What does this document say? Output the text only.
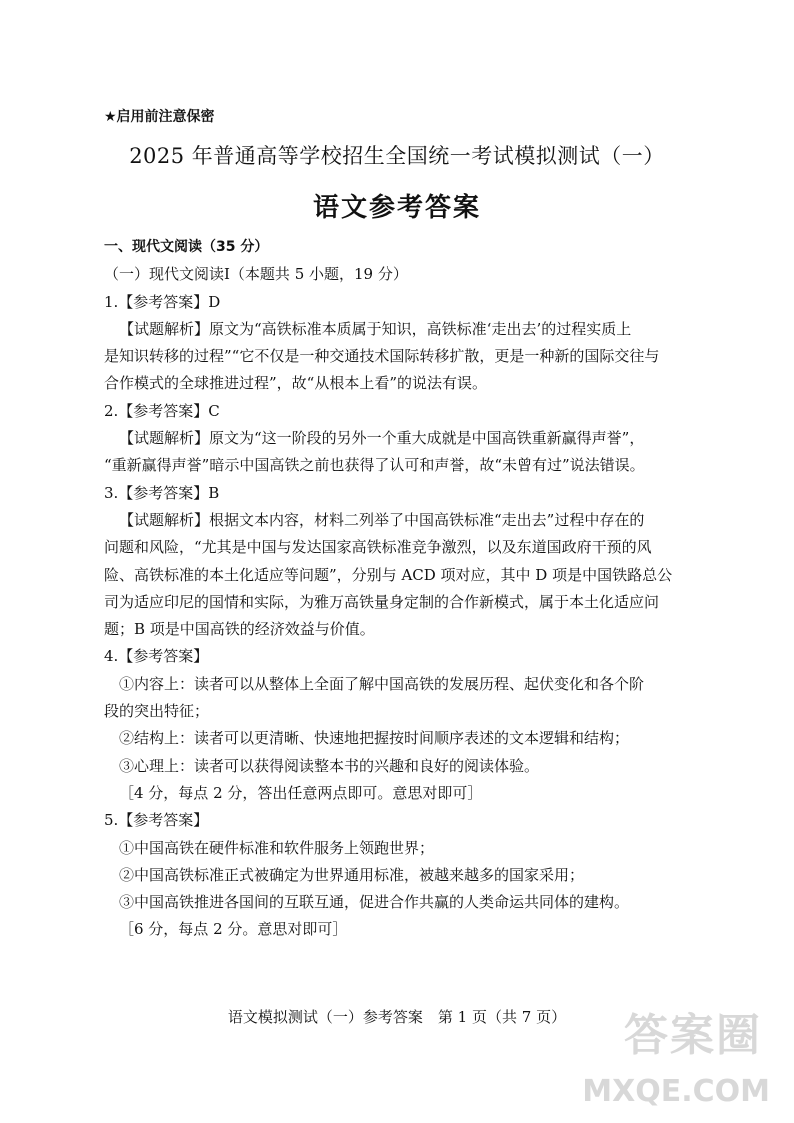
★启用前注意保密
2025 年普通高等学校招生全国统一考试模拟测试（一）
语文参考答案
一、现代文阅读（35 分）
（一）现代文阅读Ⅰ（本题共 5 小题，19 分）
1.【参考答案】D
【试题解析】原文为“高铁标准本质属于知识，高铁标准‘走出去’的过程实质上
是知识转移的过程”“它不仅是一种交通技术国际转移扩散，更是一种新的国际交往与
合作模式的全球推进过程”，故“从根本上看”的说法有误。
2.【参考答案】C
【试题解析】原文为“这一阶段的另外一个重大成就是中国高铁重新赢得声誉”，
“重新赢得声誉”暗示中国高铁之前也获得了认可和声誉，故“未曾有过”说法错误。
3.【参考答案】B
【试题解析】根据文本内容，材料二列举了中国高铁标准“走出去”过程中存在的
问题和风险，“尤其是中国与发达国家高铁标准竞争激烈，以及东道国政府干预的风
险、高铁标准的本土化适应等问题”，分别与 ACD 项对应，其中 D 项是中国铁路总公
司为适应印尼的国情和实际，为雅万高铁量身定制的合作新模式，属于本土化适应问
题；B 项是中国高铁的经济效益与价值。
4.【参考答案】
①内容上：读者可以从整体上全面了解中国高铁的发展历程、起伏变化和各个阶
段的突出特征；
②结构上：读者可以更清晰、快速地把握按时间顺序表述的文本逻辑和结构；
③心理上：读者可以获得阅读整本书的兴趣和良好的阅读体验。
［4 分，每点 2 分，答出任意两点即可。意思对即可］
5.【参考答案】
①中国高铁在硬件标准和软件服务上领跑世界；
②中国高铁标准正式被确定为世界通用标准，被越来越多的国家采用；
③中国高铁推进各国间的互联互通，促进合作共赢的人类命运共同体的建构。
［6 分，每点 2 分。意思对即可］
语文模拟测试（一）参考答案　第 1 页（共 7 页）	答案圈
MXQE.COM
